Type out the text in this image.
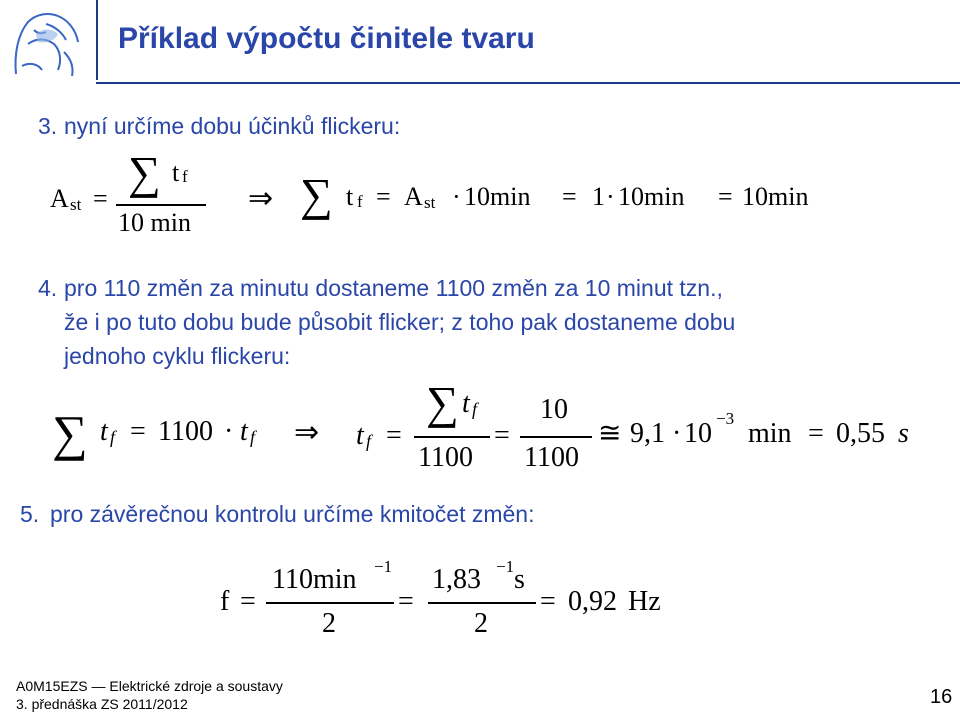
Příklad výpočtu činitele tvaru
3. nyní určíme dobu účinků flickeru:
A st =
∑ t f
10 min
⇒ ∑ t f = A st · 10min = 1 · 10min = 10min
4. pro 110 změn za minutu dostaneme 1100 změn za 10 minut tzn.,
že i po tuto dobu bude působit flicker; z toho pak dostaneme dobu
jednoho cyklu flickeru:
∑ t f = 1100 · t f ⇒ t f =
∑ t f
1100
=
10
1100
≅ 9,1 · 10 −3 min = 0,55 s
5. pro závěrečnou kontrolu určíme kmitočet změn:
f =
110min −1
2
=
1,83 −1 s
2
= 0,92 Hz
A0M15EZS — Elektrické zdroje a soustavy
3. přednáška ZS 2011/2012	16
